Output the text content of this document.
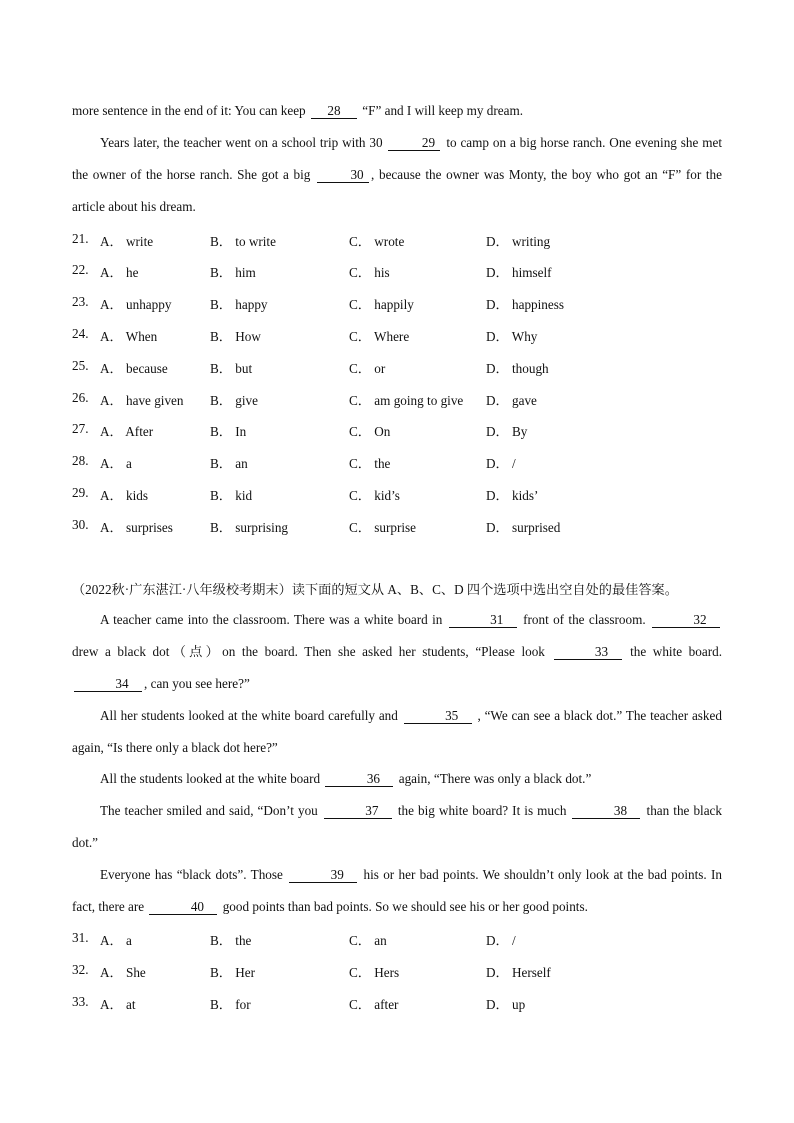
more sentence in the end of it: You can keep 28 “F” and I will keep my dream.
Years later, the teacher went on a school trip with 30	29 to camp on a big horse ranch. One evening she met the owner of the horse ranch. She got a big	30 , because the owner was Monty, the boy who got an “F” for the article about his dream.
21. A． write	B． to write	C． wrote	D． writing
22. A． he	B． him	C． his	D． himself
23. A． unhappy	B． happy	C． happily	D． happiness
24. A． When	B． How	C． Where	D． Why
25. A． because	B． but	C． or	D． though
26. A． have given B． give	C． am going to give D． gave
27. A． After	B． In	C． On	D． By
28. A． a	B． an	C． the	D． /
29. A． kids	B． kid	C． kid’s	D． kids’
30. A． surprises	B． surprising	C． surprise	D． surprised
（2022秋·广东湛江·八年级校考期末）读下面的短文从 A、B、C、D 四个选项中选出空自处的最佳答案。
A teacher came into the classroom. There was a white board in	31 front of the classroom.	32 drew a black dot（点）on the board. Then she asked her students, “Please look	33 the white board. 34 , can you see here?”
All her students looked at the white board carefully and	35 , “We can see a black dot.” The teacher asked again, “Is there only a black dot here?”
All the students looked at the white board	36 again, “There was only a black dot.”
The teacher smiled and said, “Don’t you	37 the big white board? It is much	38 than the black dot.”
Everyone has “black dots”. Those	39 his or her bad points. We shouldn’t only look at the bad points. In fact, there are	40 good points than bad points. So we should see his or her good points.
31. A． a	B． the	C． an	D． /
32. A． She	B． Her	C． Hers	D． Herself
33. A． at	B． for	C． after	D． up
